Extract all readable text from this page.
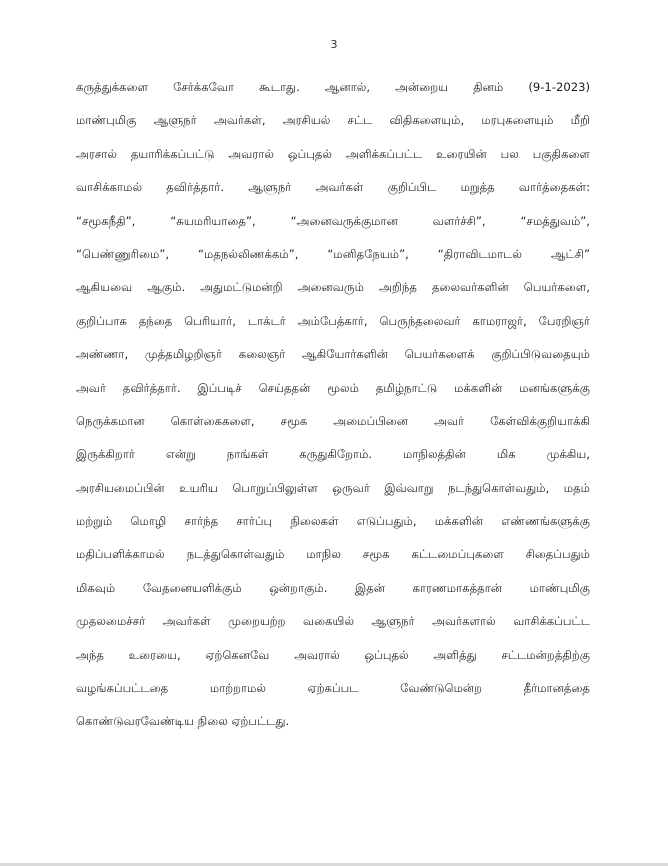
3
கருத்துக்களை சேர்க்கவோ கூடாது. ஆனால், அன்றைய தினம் (9-1-2023)
மாண்புமிகு ஆளுநர் அவர்கள், அரசியல் சட்ட விதிகளையும், மரபுகளையும் மீறி
அரசால் தயாரிக்கப்பட்டு அவரால் ஒப்புதல் அளிக்கப்பட்ட உரையின் பல பகுதிகளை
வாசிக்காமல் தவிர்த்தார். ஆளுநர் அவர்கள் குறிப்பிட மறுத்த வார்த்தைகள்:
“சமூகநீதி”, “சுயமரியாதை”, “அனைவருக்குமான வளர்ச்சி”, “சமத்துவம்”,
“பெண்ணுரிமை”, “மதநல்லிணக்கம்”, “மனிதநேயம்”, “திராவிடமாடல் ஆட்சி”
ஆகியவை ஆகும். அதுமட்டுமன்றி அனைவரும் அறிந்த தலைவர்களின் பெயர்களை,
குறிப்பாக தந்தை பெரியார், டாக்டர் அம்பேத்கார், பெருந்தலைவர் காமராஜர், பேரறிஞர்
அண்ணா, முத்தமிழறிஞர் கலைஞர் ஆகியோர்களின் பெயர்களைக் குறிப்பிடுவதையும்
அவர் தவிர்த்தார். இப்படிச் செய்ததன் மூலம் தமிழ்நாட்டு மக்களின் மனங்களுக்கு
நெருக்கமான கொள்கைகளை, சமூக அமைப்பினை அவர் கேள்விக்குறியாக்கி
இருக்கிறார் என்று நாங்கள் கருதுகிறோம். மாநிலத்தின் மிக முக்கிய,
அரசியமைப்பின் உயரிய பொறுப்பிலுள்ள ஒருவர் இவ்வாறு நடந்துகொள்வதும், மதம்
மற்றும் மொழி சார்ந்த சார்ப்பு நிலைகள் எடுப்பதும், மக்களின் எண்ணங்களுக்கு
மதிப்பளிக்காமல் நடத்துகொள்வதும் மாநில சமூக கட்டமைப்புகளை சிதைப்பதும்
மிகவும் வேதனையளிக்கும் ஒன்றாகும். இதன் காரணமாகத்தான் மாண்புமிகு
முதலமைச்சர் அவர்கள் முறையற்ற வகையில் ஆளுநர் அவர்களால் வாசிக்கப்பட்ட
அந்த உரையை, ஏற்கெனவே அவரால் ஒப்புதல் அளித்து சட்டமன்றத்திற்கு
வழங்கப்பட்டதை மாற்றாமல் ஏற்கப்பட வேண்டுமென்ற தீர்மானத்தை
கொண்டுவரவேண்டிய நிலை ஏற்பட்டது.
